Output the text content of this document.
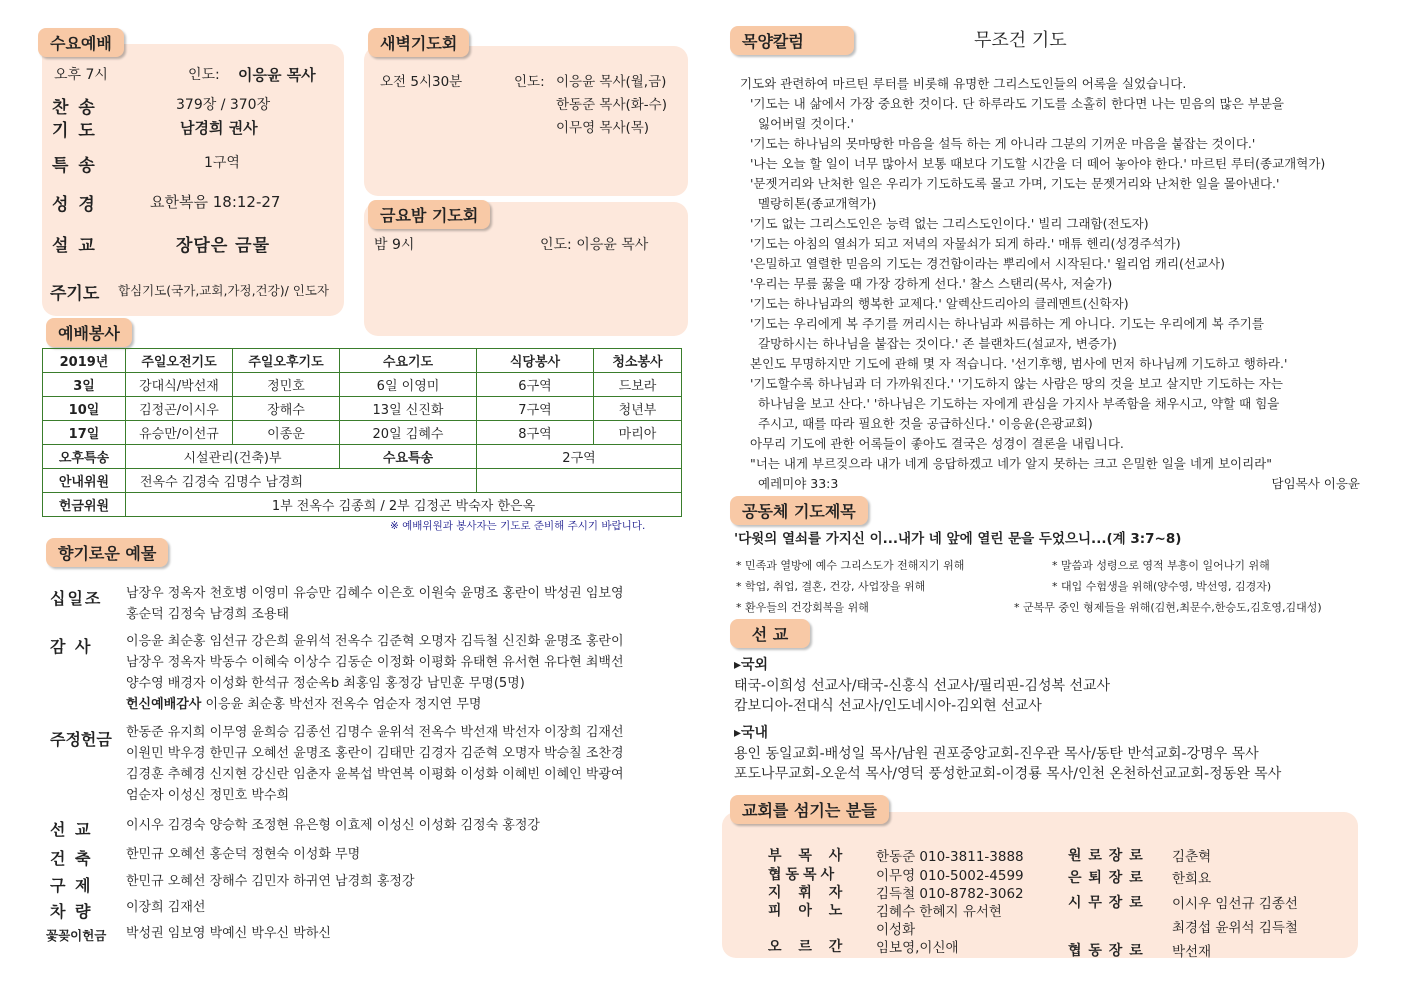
수요예배
오후 7시	인도: 이응윤 목사
찬 송	379장 / 370장
기 도	남경희 권사
특 송	1구역
성 경	요한복음 18:12-27
설 교	장담은 금물
주기도 합심기도(국가,교회,가정,건강)/ 인도자
새벽기도회
오전 5시30분	인도: 이응윤 목사(월,금)
한동준 목사(화-수)
이무영 목사(목)
금요밤 기도회
밤 9시	인도: 이응윤 목사
예배봉사
2019년	주일오전기도	주일오후기도	수요기도	식당봉사	청소봉사
3일	강대식/박선재	정민호	6일 이영미	6구역	드보라
10일	김정곤/이시우	장해수	13일 신진화	7구역	청년부
17일	유승만/이선규	이종운	20일 김혜수	8구역	마리아
오후특송	시설관리(건축)부		수요특송	2구역	
안내위원	전옥수 김경숙 김명수 남경희				
헌금위원	1부 전옥수 김종희 / 2부 김정곤 박숙자 한은옥				
※ 예배위원과 봉사자는 기도로 준비해 주시기 바랍니다.
향기로운 예물
십일조 남장우 정옥자 천호병 이영미 유승만 김혜수 이은호 이원숙 윤명조 홍란이 박성권 임보영
홍순덕 김정숙 남경희 조용태
감 사	이응윤 최순홍 임선규 강은희 윤위석 전옥수 김준혁 오명자 김득철 신진화 윤명조 홍란이
남장우 정옥자 박동수 이혜숙 이상수 김동순 이정화 이평화 유태현 유서현 유다현 최백선
양수영 배경자 이성화 한석규 정순옥b 최홍임 홍정강 남민훈 무명(5명)
헌신예배감사 이응윤 최순홍 박선자 전옥수 엄순자 정지연 무명
주정헌금 한동준 유지희 이무영 윤희승 김종선 김명수 윤위석 전옥수 박선재 박선자 이장희 김재선
이원민 박우경 한민규 오혜선 윤명조 홍란이 김태만 김경자 김준혁 오명자 박승칠 조찬경
김경훈 추혜경 신지현 강신란 임춘자 윤복섭 박연복 이평화 이성화 이혜빈 이혜인 박광여
엄순자 이성신 정민호 박수희
선 교	이시우 김경숙 양승학 조정현 유은형 이효제 이성신 이성화 김정숙 홍정강
건 축	한민규 오혜선 홍순덕 정현숙 이성화 무명
구 제	한민규 오혜선 장해수 김민자 하귀연 남경희 홍정강
차 량	이장희 김재선
꽃꽂이헌금 박성권 임보영 박예신 박우신 박하신
목양칼럼	무조건 기도
기도와 관련하여 마르틴 루터를 비롯해 유명한 그리스도인들의 어록을 실었습니다.
'기도는 내 삶에서 가장 중요한 것이다. 단 하루라도 기도를 소홀히 한다면 나는 믿음의 많은 부분을
잃어버릴 것이다.'
'기도는 하나님의 못마땅한 마음을 설득 하는 게 아니라 그분의 기꺼운 마음을 붙잡는 것이다.'
'나는 오늘 할 일이 너무 많아서 보통 때보다 기도할 시간을 더 떼어 놓아야 한다.' 마르틴 루터(종교개혁가)
'문젯거리와 난처한 일은 우리가 기도하도록 몰고 가며, 기도는 문젯거리와 난처한 일을 몰아낸다.'
멜랑히톤(종교개혁가)
'기도 없는 그리스도인은 능력 없는 그리스도인이다.' 빌리 그래함(전도자)
'기도는 아침의 열쇠가 되고 저녁의 자물쇠가 되게 하라.' 매튜 헨리(성경주석가)
'은밀하고 열렬한 믿음의 기도는 경건함이라는 뿌리에서 시작된다.' 윌리엄 캐리(선교사)
'우리는 무릎 꿇을 때 가장 강하게 선다.' 찰스 스탠리(목사, 저술가)
'기도는 하나님과의 행복한 교제다.' 알렉산드리아의 클레멘트(신학자)
'기도는 우리에게 복 주기를 꺼리시는 하나님과 씨름하는 게 아니다. 기도는 우리에게 복 주기를
갈망하시는 하나님을 붙잡는 것이다.' 존 블랜차드(설교자, 변증가)
본인도 무명하지만 기도에 관해 몇 자 적습니다. '선기후행, 범사에 먼저 하나님께 기도하고 행하라.'
'기도할수록 하나님과 더 가까워진다.' '기도하지 않는 사람은 땅의 것을 보고 살지만 기도하는 자는
하나님을 보고 산다.' '하나님은 기도하는 자에게 관심을 가지사 부족함을 채우시고, 약할 때 힘을
주시고, 때를 따라 필요한 것을 공급하신다.' 이응윤(은광교회)
아무리 기도에 관한 어록들이 좋아도 결국은 성경이 결론을 내립니다.
"너는 내게 부르짖으라 내가 네게 응답하겠고 네가 알지 못하는 크고 은밀한 일을 네게 보이리라"
예레미야 33:3	담임목사 이응윤
공동체 기도제목
'다윗의 열쇠를 가지신 이...내가 네 앞에 열린 문을 두었으니...(계 3:7~8)
* 민족과 열방에 예수 그리스도가 전해지기 위해	* 말씀과 성령으로 영적 부흥이 일어나기 위해
* 학업, 취업, 결혼, 건강, 사업장을 위해	* 대입 수험생을 위해(양수영, 박선영, 김경자)
* 환우들의 건강회복을 위해	* 군복무 중인 형제들을 위해(김현,최문수,한승도,김호영,김대성)
선 교
▸국외
태국-이희성 선교사/태국-신홍식 선교사/필리핀-김성복 선교사
캄보디아-전대식 선교사/인도네시아-김외현 선교사
▸국내
용인 동일교회-배성일 목사/남원 권포중앙교회-진우관 목사/동탄 반석교회-강명우 목사
포도나무교회-오운석 목사/영덕 풍성한교회-이경룡 목사/인천 온천하선교교회-정동완 목사
교회를 섬기는 분들
부 목 사 한동준 010-3811-3888
협동목사	이무영 010-5002-4599
지 휘 자 김득철 010-8782-3062
피 아 노 김혜수 한혜지 유서현
이성화
오 르 간 임보영,이신애
원 로 장 로 김춘혁
은 퇴 장 로 한희요
시 무 장 로 이시우 임선규 김종선
최경섭 윤위석 김득철
협 동 장 로 박선재
